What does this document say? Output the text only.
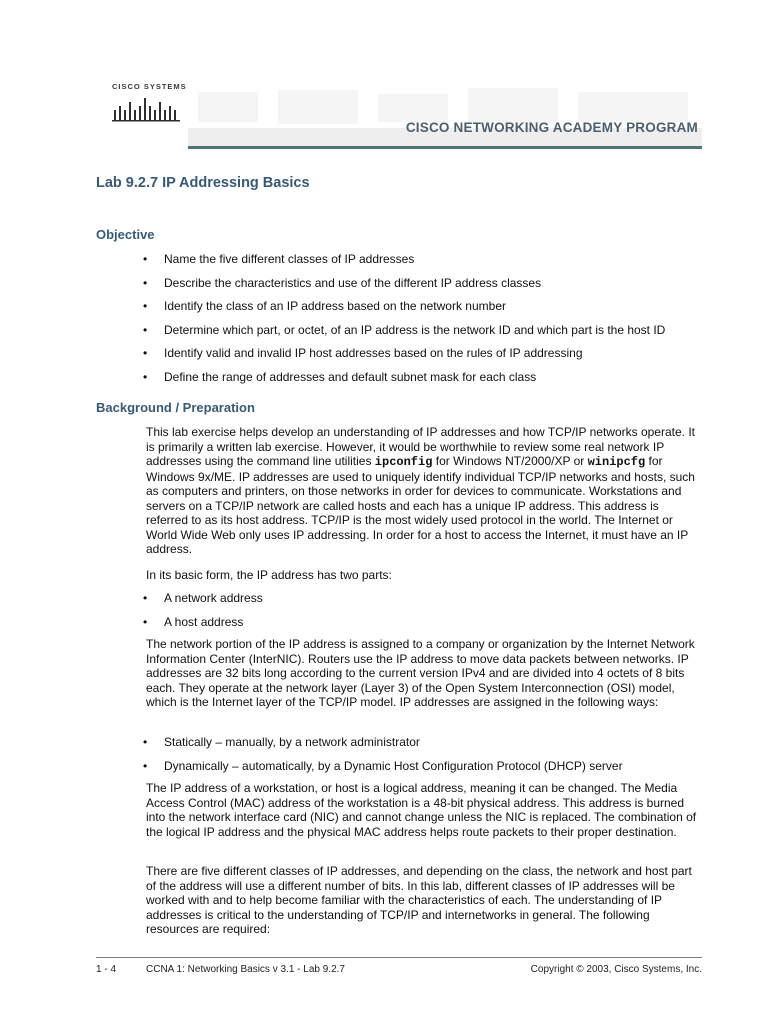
CISCO SYSTEMS
CISCO NETWORKING ACADEMY PROGRAM
Lab 9.2.7 IP Addressing Basics
Objective
• Name the five different classes of IP addresses
• Describe the characteristics and use of the different IP address classes
• Identify the class of an IP address based on the network number
• Determine which part, or octet, of an IP address is the network ID and which part is the host ID
• Identify valid and invalid IP host addresses based on the rules of IP addressing
• Define the range of addresses and default subnet mask for each class
Background / Preparation

This lab exercise helps develop an understanding of IP addresses and how TCP/IP networks operate. It is primarily a written lab exercise. However, it would be worthwhile to review some real network IP addresses using the command line utilities ipconfig for Windows NT/2000/XP or winipcfg for Windows 9x/ME. IP addresses are used to uniquely identify individual TCP/IP networks and hosts, such as computers and printers, on those networks in order for devices to communicate. Workstations and servers on a TCP/IP network are called hosts and each has a unique IP address. This address is referred to as its host address. TCP/IP is the most widely used protocol in the world. The Internet or World Wide Web only uses IP addressing. In order for a host to access the Internet, it must have an IP address.

In its basic form, the IP address has two parts:

• A network address
• A host address

The network portion of the IP address is assigned to a company or organization by the Internet Network Information Center (InterNIC). Routers use the IP address to move data packets between networks. IP addresses are 32 bits long according to the current version IPv4 and are divided into 4 octets of 8 bits each. They operate at the network layer (Layer 3) of the Open System Interconnection (OSI) model, which is the Internet layer of the TCP/IP model. IP addresses are assigned in the following ways:

• Statically – manually, by a network administrator
• Dynamically – automatically, by a Dynamic Host Configuration Protocol (DHCP) server

The IP address of a workstation, or host is a logical address, meaning it can be changed. The Media Access Control (MAC) address of the workstation is a 48-bit physical address. This address is burned into the network interface card (NIC) and cannot change unless the NIC is replaced. The combination of the logical IP address and the physical MAC address helps route packets to their proper destination.

There are five different classes of IP addresses, and depending on the class, the network and host part of the address will use a different number of bits. In this lab, different classes of IP addresses will be worked with and to help become familiar with the characteristics of each. The understanding of IP addresses is critical to the understanding of TCP/IP and internetworks in general. The following resources are required:

1 - 4	CCNA 1: Networking Basics v 3.1 - Lab 9.2.7	Copyright © 2003, Cisco Systems, Inc.
